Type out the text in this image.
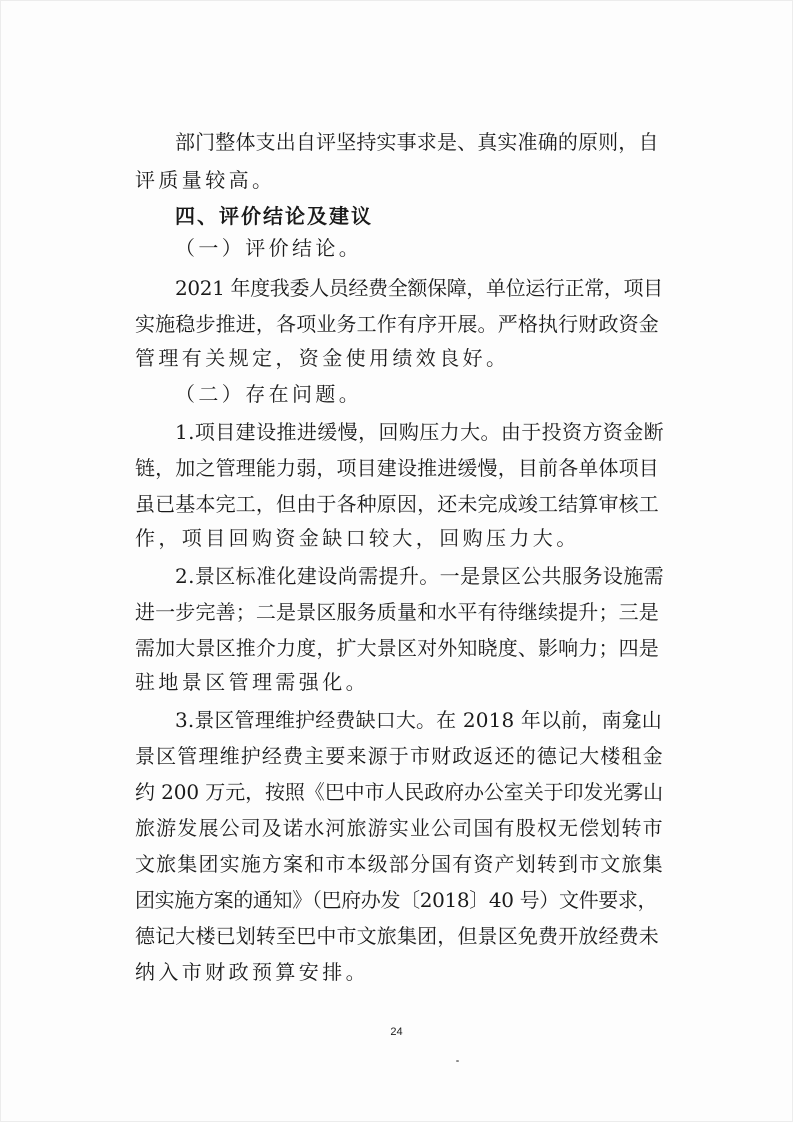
部门整体支出自评坚持实事求是、真实准确的原则，自
评质量较高。
四、评价结论及建议
（一）评价结论。
2021 年度我委人员经费全额保障，单位运行正常，项目
实施稳步推进，各项业务工作有序开展。严格执行财政资金
管理有关规定，资金使用绩效良好。
（二）存在问题。
1.项目建设推进缓慢，回购压力大。由于投资方资金断
链，加之管理能力弱，项目建设推进缓慢，目前各单体项目
虽已基本完工，但由于各种原因，还未完成竣工结算审核工
作，项目回购资金缺口较大，回购压力大。
2.景区标准化建设尚需提升。一是景区公共服务设施需
进一步完善；二是景区服务质量和水平有待继续提升；三是
需加大景区推介力度，扩大景区对外知晓度、影响力；四是
驻地景区管理需强化。
3.景区管理维护经费缺口大。在 2018 年以前，南龛山
景区管理维护经费主要来源于市财政返还的德记大楼租金
约 200 万元，按照《巴中市人民政府办公室关于印发光雾山
旅游发展公司及诺水河旅游实业公司国有股权无偿划转市
文旅集团实施方案和市本级部分国有资产划转到市文旅集
团实施方案的通知》（巴府办发〔2018〕40 号）文件要求，
德记大楼已划转至巴中市文旅集团，但景区免费开放经费未
纳入市财政预算安排。
24
